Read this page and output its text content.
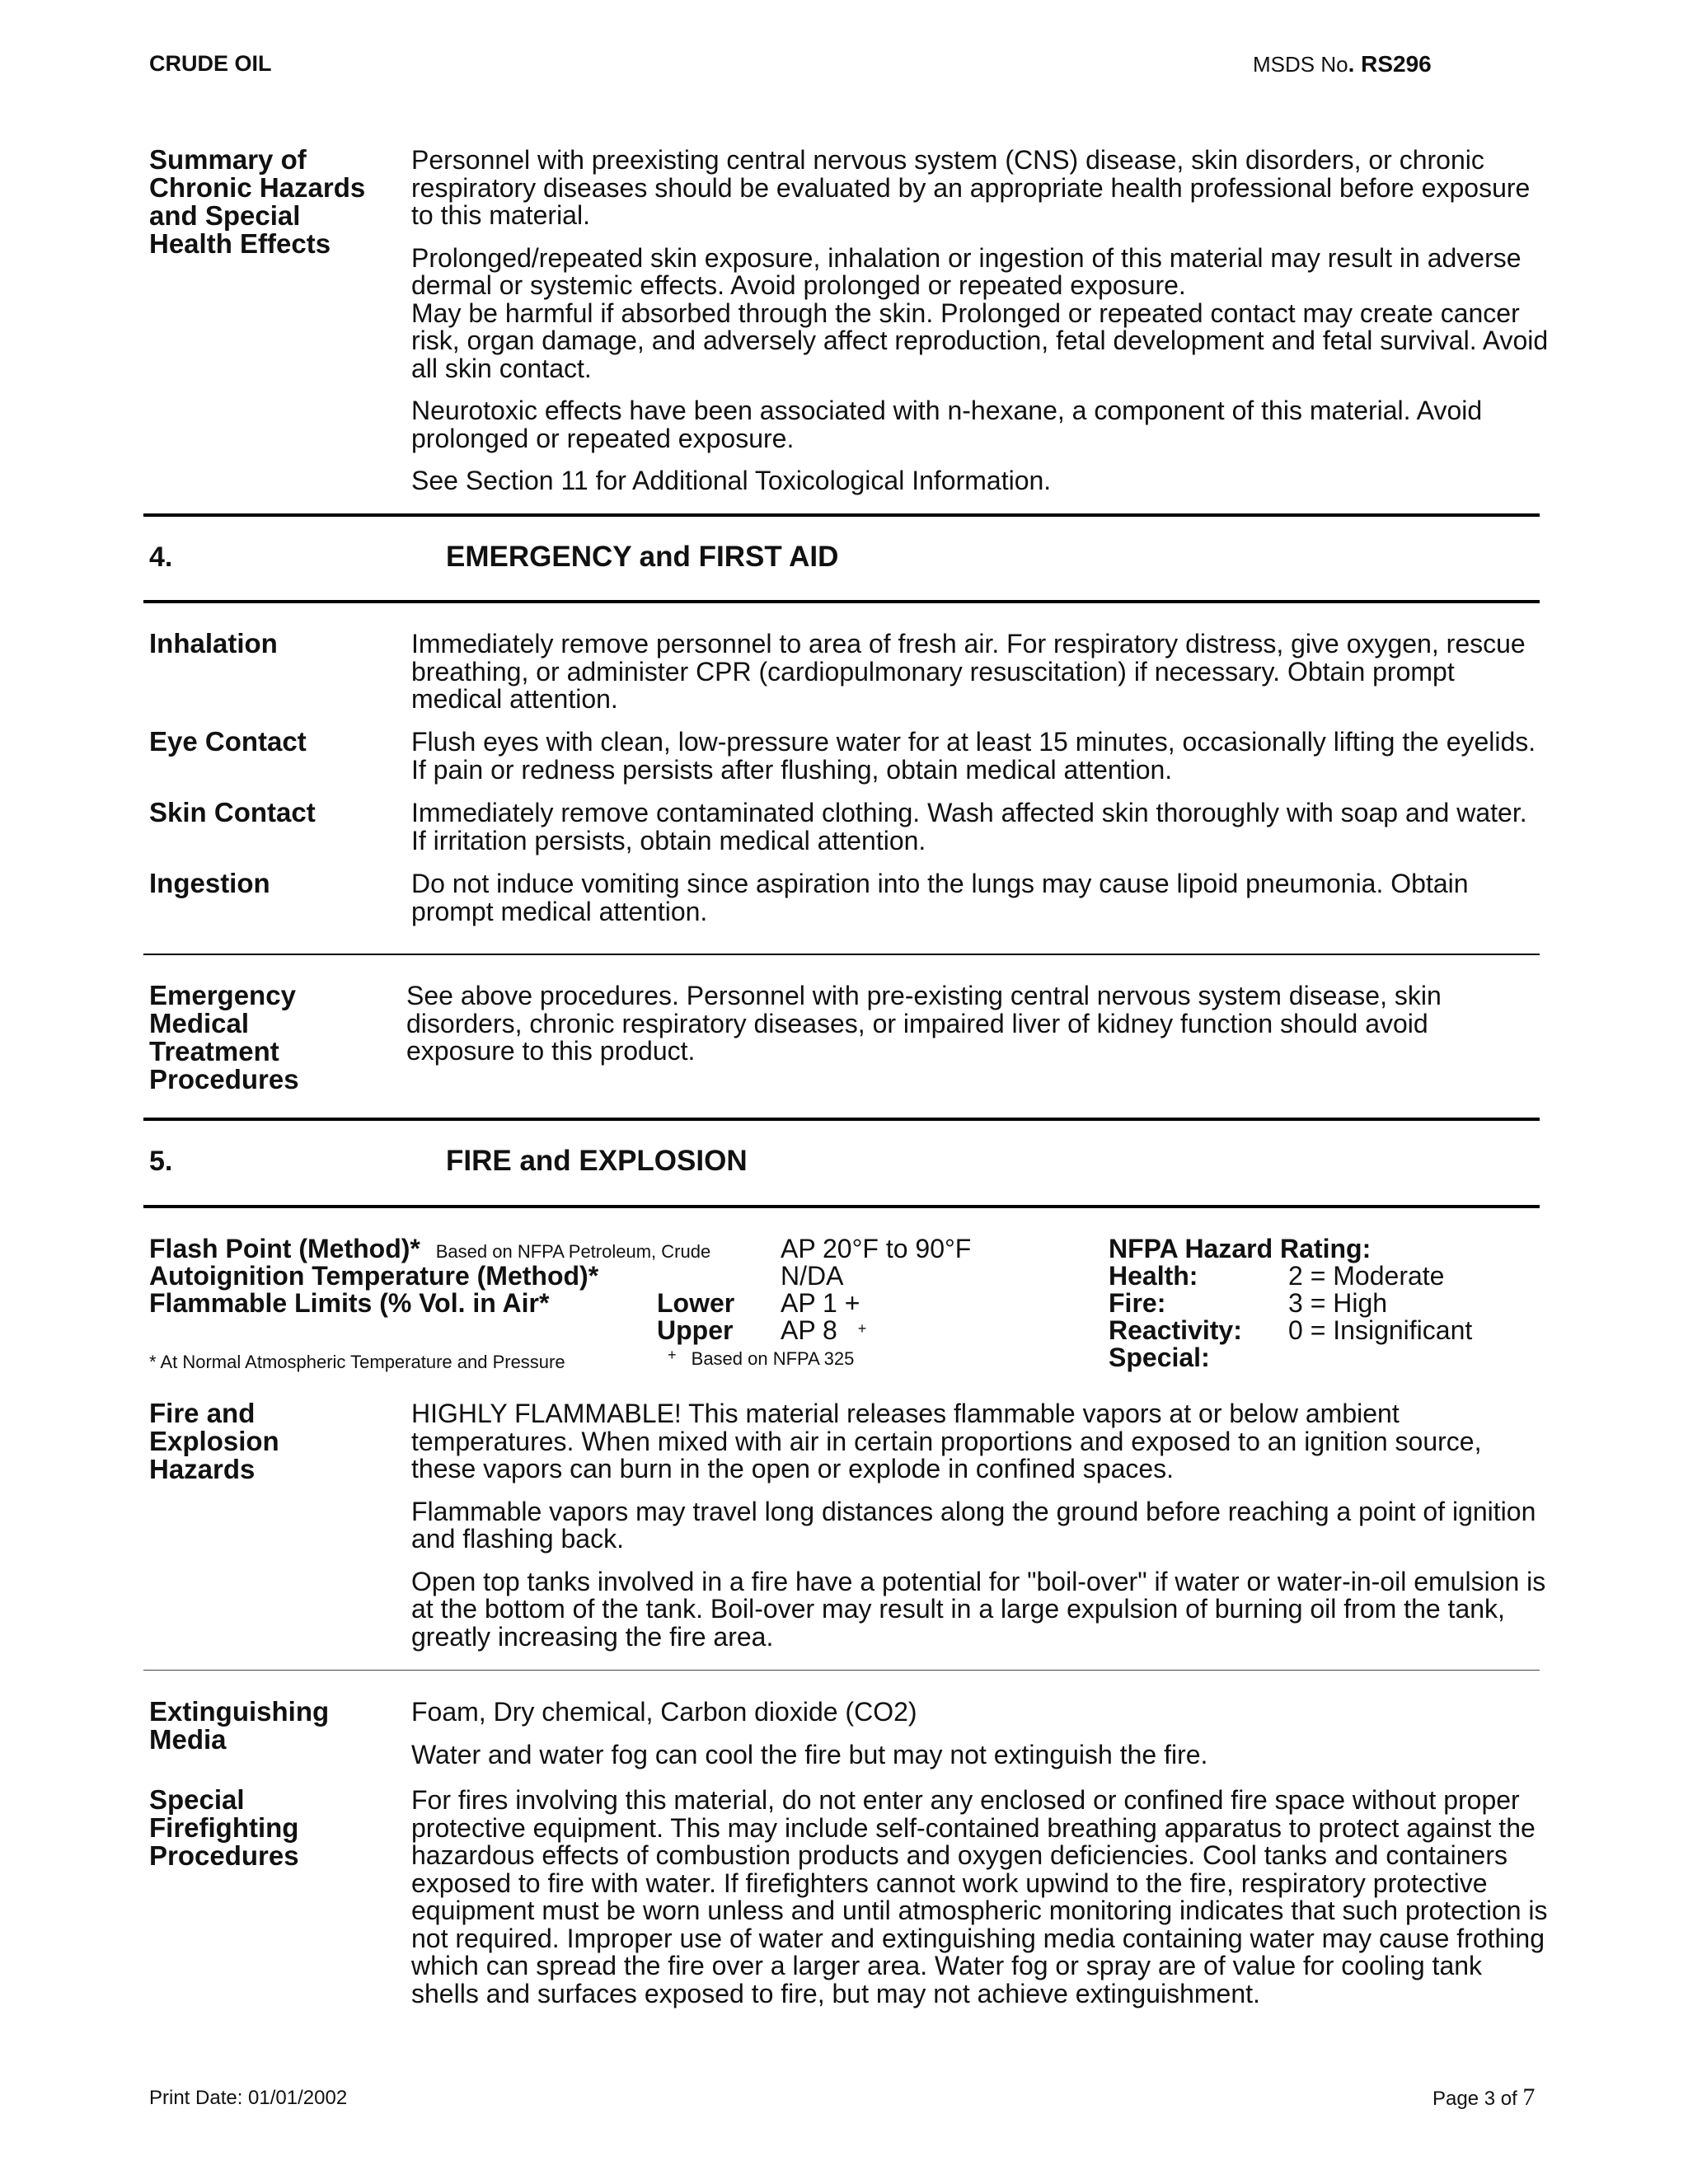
CRUDE OIL	MSDS No. RS296
Summary of Chronic Hazards and Special Health Effects

Personnel with preexisting central nervous system (CNS) disease, skin disorders, or chronic respiratory diseases should be evaluated by an appropriate health professional before exposure to this material.

Prolonged/repeated skin exposure, inhalation or ingestion of this material may result in adverse dermal or systemic effects. Avoid prolonged or repeated exposure.

May be harmful if absorbed through the skin. Prolonged or repeated contact may create cancer risk, organ damage, and adversely affect reproduction, fetal development and fetal survival. Avoid all skin contact.

Neurotoxic effects have been associated with n-hexane, a component of this material. Avoid prolonged or repeated exposure.

See Section 11 for Additional Toxicological Information.

4.	EMERGENCY and FIRST AID
Inhalation	Immediately remove personnel to area of fresh air. For respiratory distress, give oxygen, rescue breathing, or administer CPR (cardiopulmonary resuscitation) if necessary. Obtain prompt medical attention.
Eye Contact	Flush eyes with clean, low-pressure water for at least 15 minutes, occasionally lifting the eyelids. If pain or redness persists after flushing, obtain medical attention.
Skin Contact	Immediately remove contaminated clothing. Wash affected skin thoroughly with soap and water. If irritation persists, obtain medical attention.
Ingestion	Do not induce vomiting since aspiration into the lungs may cause lipoid pneumonia. Obtain prompt medical attention.
Emergency Medical Treatment Procedures
See above procedures. Personnel with pre-existing central nervous system disease, skin disorders, chronic respiratory diseases, or impaired liver of kidney function should avoid exposure to this product.
5.	FIRE and EXPLOSION
Flash Point (Method)* Based on NFPA Petroleum, Crude	AP 20°F to 90°F
Autoignition Temperature (Method)*	N/DA
Flammable Limits (% Vol. in Air*	Lower AP 1 +
Upper AP 8 +
* At Normal Atmospheric Temperature and Pressure	+ Based on NFPA 325
NFPA Hazard Rating:
Health:	2 = Moderate
Fire:	3 = High
Reactivity: 0 = Insignificant
Special:
Fire and Explosion Hazards

HIGHLY FLAMMABLE! This material releases flammable vapors at or below ambient temperatures. When mixed with air in certain proportions and exposed to an ignition source, these vapors can burn in the open or explode in confined spaces.

Flammable vapors may travel long distances along the ground before reaching a point of ignition and flashing back.

Open top tanks involved in a fire have a potential for "boil-over" if water or water-in-oil emulsion is at the bottom of the tank. Boil-over may result in a large expulsion of burning oil from the tank, greatly increasing the fire area.

Extinguishing Media

Foam, Dry chemical, Carbon dioxide (CO2)

Water and water fog can cool the fire but may not extinguish the fire.

Special Firefighting Procedures
For fires involving this material, do not enter any enclosed or confined fire space without proper protective equipment. This may include self-contained breathing apparatus to protect against the hazardous effects of combustion products and oxygen deficiencies. Cool tanks and containers exposed to fire with water. If firefighters cannot work upwind to the fire, respiratory protective equipment must be worn unless and until atmospheric monitoring indicates that such protection is not required. Improper use of water and extinguishing media containing water may cause frothing which can spread the fire over a larger area. Water fog or spray are of value for cooling tank shells and surfaces exposed to fire, but may not achieve extinguishment.
Print Date: 01/01/2002	Page 3 of 7
